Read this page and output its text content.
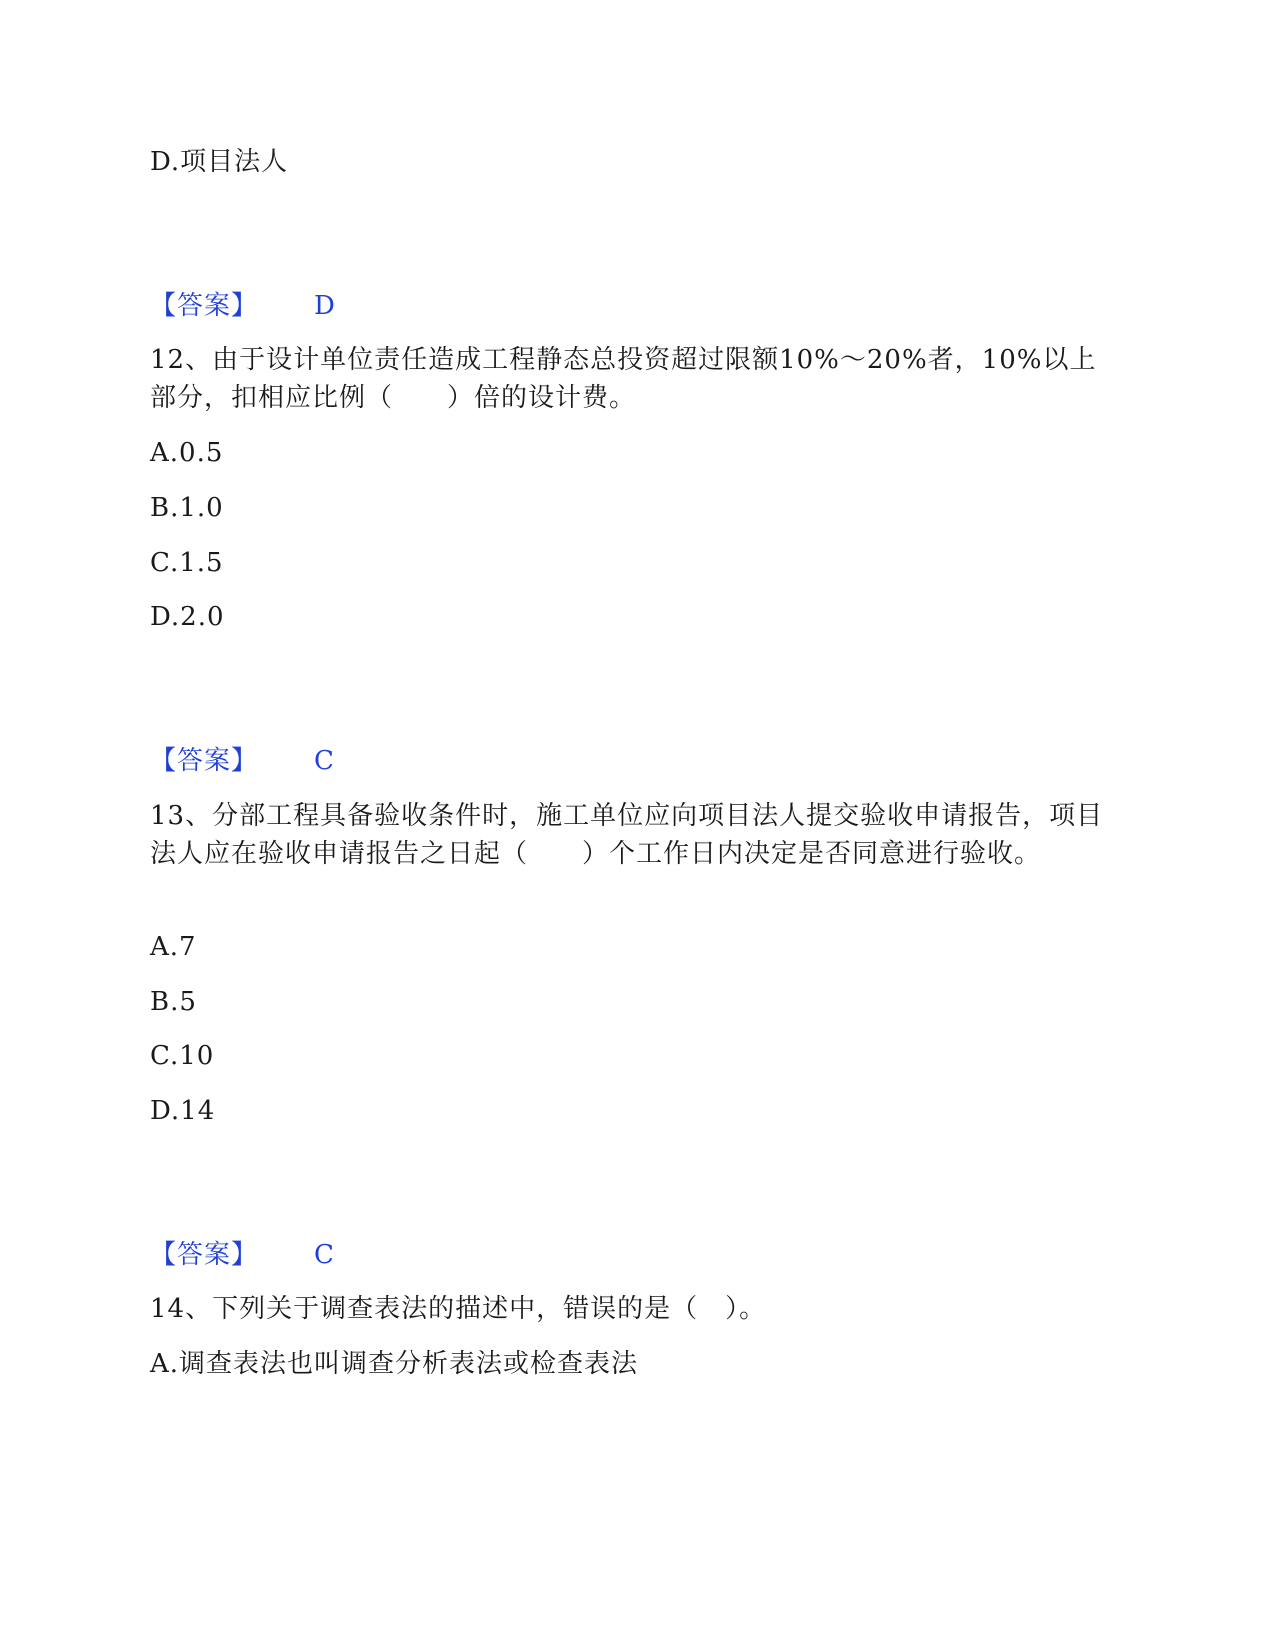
D.项目法人
【答案】 D
12、由于设计单位责任造成工程静态总投资超过限额10%～20%者，10%以上部分，扣相应比例（　　）倍的设计费。
A.0.5
B.1.0
C.1.5
D.2.0
【答案】 C
13、分部工程具备验收条件时，施工单位应向项目法人提交验收申请报告，项目法人应在验收申请报告之日起（　　）个工作日内决定是否同意进行验收。
A.7
B.5
C.10
D.14
【答案】 C
14、下列关于调查表法的描述中，错误的是（　）。
A.调查表法也叫调查分析表法或检查表法
